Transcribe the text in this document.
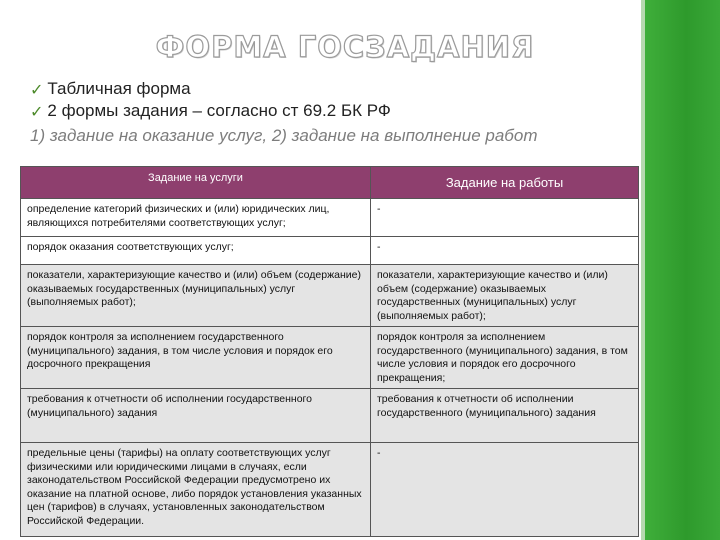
ФОРМА ГОСЗАДАНИЯ
✓ Табличная форма
✓ 2 формы задания – согласно ст 69.2 БК РФ
1) задание на оказание услуг, 2) задание на выполнение работ
Задание на услуги	Задание на работы
определение категорий физических и (или) юридических лиц, являющихся потребителями соответствующих услуг;	-
порядок оказания соответствующих услуг;	-
показатели, характеризующие качество и (или) объем (содержание) оказываемых государственных (муниципальных) услуг (выполняемых работ);	показатели, характеризующие качество и (или) объем (содержание) оказываемых государственных (муниципальных) услуг (выполняемых работ);
порядок контроля за исполнением государственного (муниципального) задания, в том числе условия и порядок его досрочного прекращения	порядок контроля за исполнением государственного (муниципального) задания, в том числе условия и порядок его досрочного прекращения;
требования к отчетности об исполнении государственного (муниципального) задания	требования к отчетности об исполнении государственного (муниципального) задания
предельные цены (тарифы) на оплату соответствующих услуг физическими или юридическими лицами в случаях, если законодательством Российской Федерации предусмотрено их оказание на платной основе, либо порядок установления указанных цен (тарифов) в случаях, установленных законодательством Российской Федерации.	-
